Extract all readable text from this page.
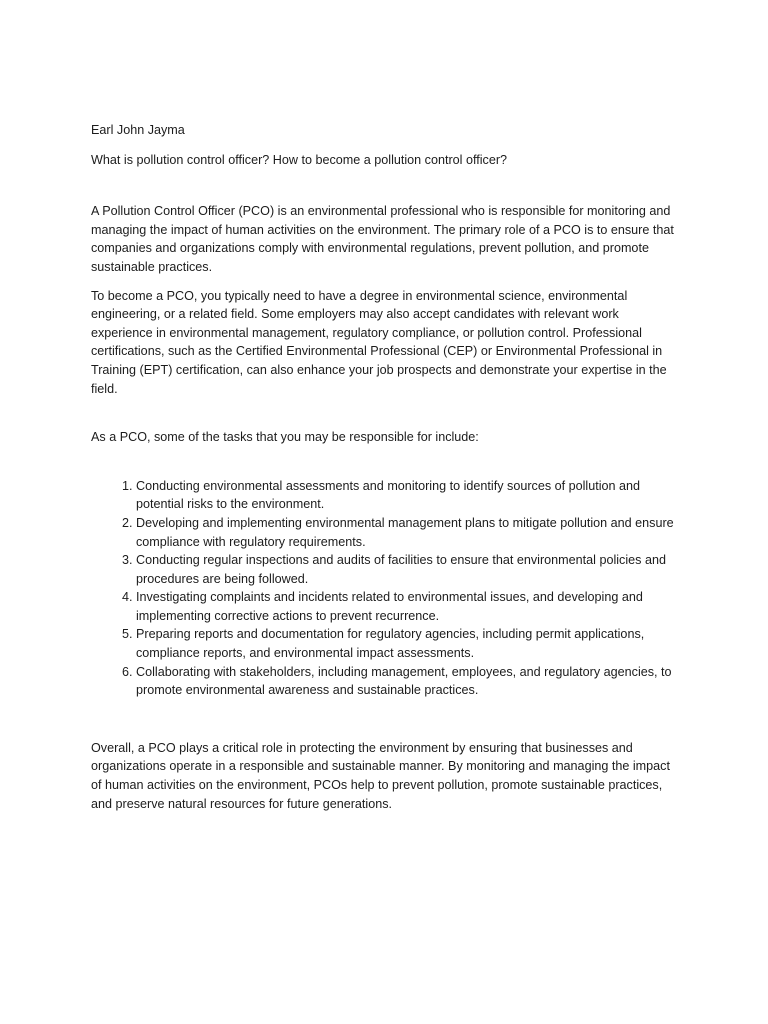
Earl John Jayma

What is pollution control officer? How to become a pollution control officer?

A Pollution Control Officer (PCO) is an environmental professional who is responsible for monitoring and managing the impact of human activities on the environment. The primary role of a PCO is to ensure that companies and organizations comply with environmental regulations, prevent pollution, and promote sustainable practices.

To become a PCO, you typically need to have a degree in environmental science, environmental engineering, or a related field. Some employers may also accept candidates with relevant work experience in environmental management, regulatory compliance, or pollution control. Professional certifications, such as the Certified Environmental Professional (CEP) or Environmental Professional in Training (EPT) certification, can also enhance your job prospects and demonstrate your expertise in the field.

As a PCO, some of the tasks that you may be responsible for include:

1. Conducting environmental assessments and monitoring to identify sources of pollution and potential risks to the environment.
2. Developing and implementing environmental management plans to mitigate pollution and ensure compliance with regulatory requirements.
3. Conducting regular inspections and audits of facilities to ensure that environmental policies and procedures are being followed.
4. Investigating complaints and incidents related to environmental issues, and developing and implementing corrective actions to prevent recurrence.
5. Preparing reports and documentation for regulatory agencies, including permit applications, compliance reports, and environmental impact assessments.
6. Collaborating with stakeholders, including management, employees, and regulatory agencies, to promote environmental awareness and sustainable practices.

Overall, a PCO plays a critical role in protecting the environment by ensuring that businesses and organizations operate in a responsible and sustainable manner. By monitoring and managing the impact of human activities on the environment, PCOs help to prevent pollution, promote sustainable practices, and preserve natural resources for future generations.
